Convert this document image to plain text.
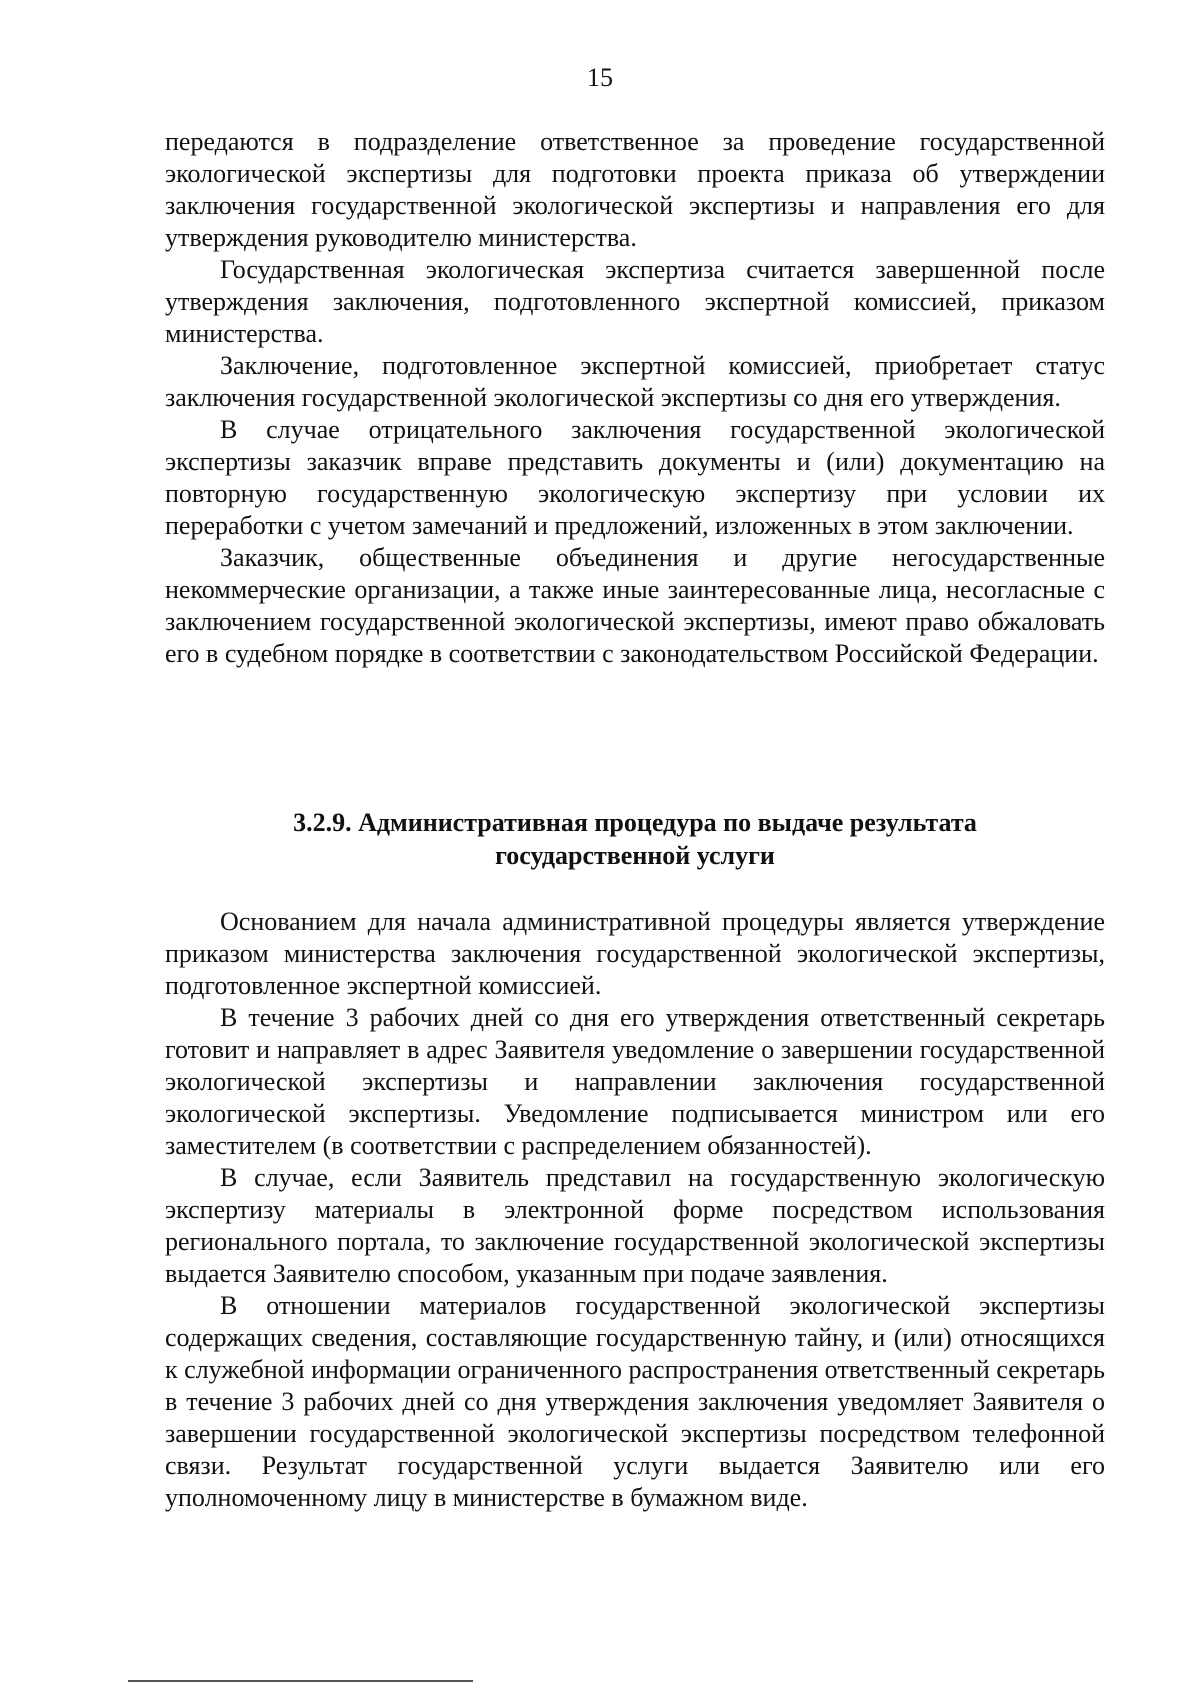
15

передаются в подразделение ответственное за проведение государственной экологической экспертизы для подготовки проекта приказа об утверждении заключения государственной экологической экспертизы и направления его для утверждения руководителю министерства.

Государственная экологическая экспертиза считается завершенной после утверждения заключения, подготовленного экспертной комиссией, приказом министерства.

Заключение, подготовленное экспертной комиссией, приобретает статус заключения государственной экологической экспертизы со дня его утверждения.

В случае отрицательного заключения государственной экологической экспертизы заказчик вправе представить документы и (или) документацию на повторную государственную экологическую экспертизу при условии их переработки с учетом замечаний и предложений, изложенных в этом заключении.

Заказчик, общественные объединения и другие негосударственные некоммерческие организации, а также иные заинтересованные лица, несогласные с заключением государственной экологической экспертизы, имеют право обжаловать его в судебном порядке в соответствии с законодательством Российской Федерации.

3.2.9. Административная процедура по выдаче результата
государственной услуги

Основанием для начала административной процедуры является утверждение приказом министерства заключения государственной экологической экспертизы, подготовленное экспертной комиссией.

В течение 3 рабочих дней со дня его утверждения ответственный секретарь готовит и направляет в адрес Заявителя уведомление о завершении государственной экологической экспертизы и направлении заключения государственной экологической экспертизы. Уведомление подписывается министром или его заместителем (в соответствии с распределением обязанностей).

В случае, если Заявитель представил на государственную экологическую экспертизу материалы в электронной форме посредством использования регионального портала, то заключение государственной экологической экспертизы выдается Заявителю способом, указанным при подаче заявления.

В отношении материалов государственной экологической экспертизы содержащих сведения, составляющие государственную тайну, и (или) относящихся к служебной информации ограниченного распространения ответственный секретарь в течение 3 рабочих дней со дня утверждения заключения уведомляет Заявителя о завершении государственной экологической экспертизы посредством телефонной связи. Результат государственной услуги выдается Заявителю или его уполномоченному лицу в министерстве в бумажном виде.
